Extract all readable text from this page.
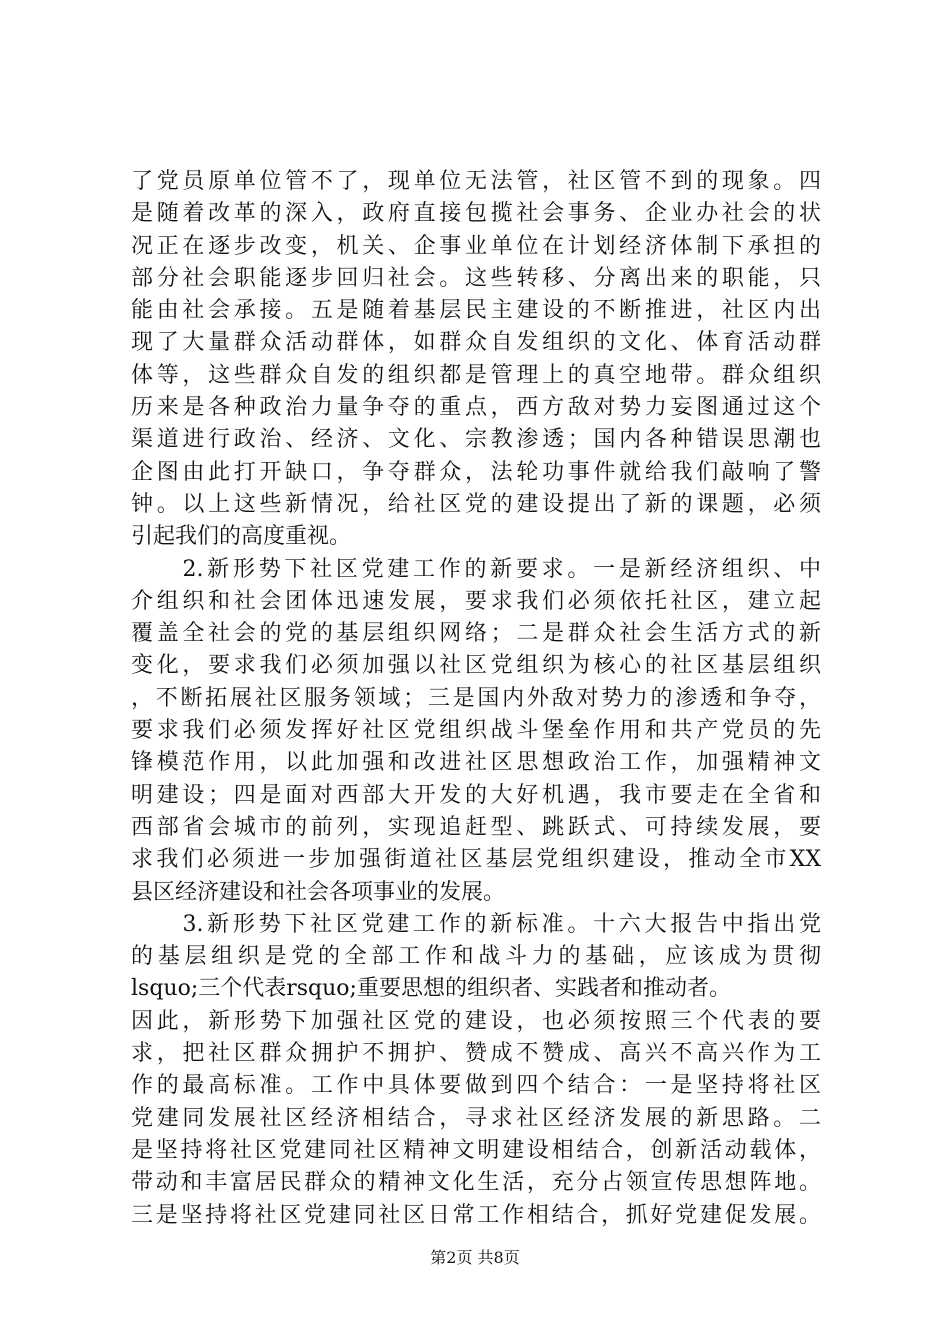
了党员原单位管不了，现单位无法管，社区管不到的现象。四
是随着改革的深入，政府直接包揽社会事务、企业办社会的状
况正在逐步改变，机关、企事业单位在计划经济体制下承担的
部分社会职能逐步回归社会。这些转移、分离出来的职能，只
能由社会承接。五是随着基层民主建设的不断推进，社区内出
现了大量群众活动群体，如群众自发组织的文化、体育活动群
体等，这些群众自发的组织都是管理上的真空地带。群众组织
历来是各种政治力量争夺的重点，西方敌对势力妄图通过这个
渠道进行政治、经济、文化、宗教渗透；国内各种错误思潮也
企图由此打开缺口，争夺群众，法轮功事件就给我们敲响了警
钟。以上这些新情况，给社区党的建设提出了新的课题，必须
引起我们的高度重视。
　　2.新形势下社区党建工作的新要求。一是新经济组织、中
介组织和社会团体迅速发展，要求我们必须依托社区，建立起
覆盖全社会的党的基层组织网络；二是群众社会生活方式的新
变化，要求我们必须加强以社区党组织为核心的社区基层组织
，不断拓展社区服务领域；三是国内外敌对势力的渗透和争夺，
要求我们必须发挥好社区党组织战斗堡垒作用和共产党员的先
锋模范作用，以此加强和改进社区思想政治工作，加强精神文
明建设；四是面对西部大开发的大好机遇，我市要走在全省和
西部省会城市的前列，实现追赶型、跳跃式、可持续发展，要
求我们必须进一步加强街道社区基层党组织建设，推动全市XX
县区经济建设和社会各项事业的发展。
　　3.新形势下社区党建工作的新标准。十六大报告中指出党
的基层组织是党的全部工作和战斗力的基础，应该成为贯彻
lsquo;三个代表rsquo;重要思想的组织者、实践者和推动者。
因此，新形势下加强社区党的建设，也必须按照三个代表的要
求，把社区群众拥护不拥护、赞成不赞成、高兴不高兴作为工
作的最高标准。工作中具体要做到四个结合：一是坚持将社区
党建同发展社区经济相结合，寻求社区经济发展的新思路。二
是坚持将社区党建同社区精神文明建设相结合，创新活动载体，
带动和丰富居民群众的精神文化生活，充分占领宣传思想阵地。
三是坚持将社区党建同社区日常工作相结合，抓好党建促发展。
第2页 共8页
